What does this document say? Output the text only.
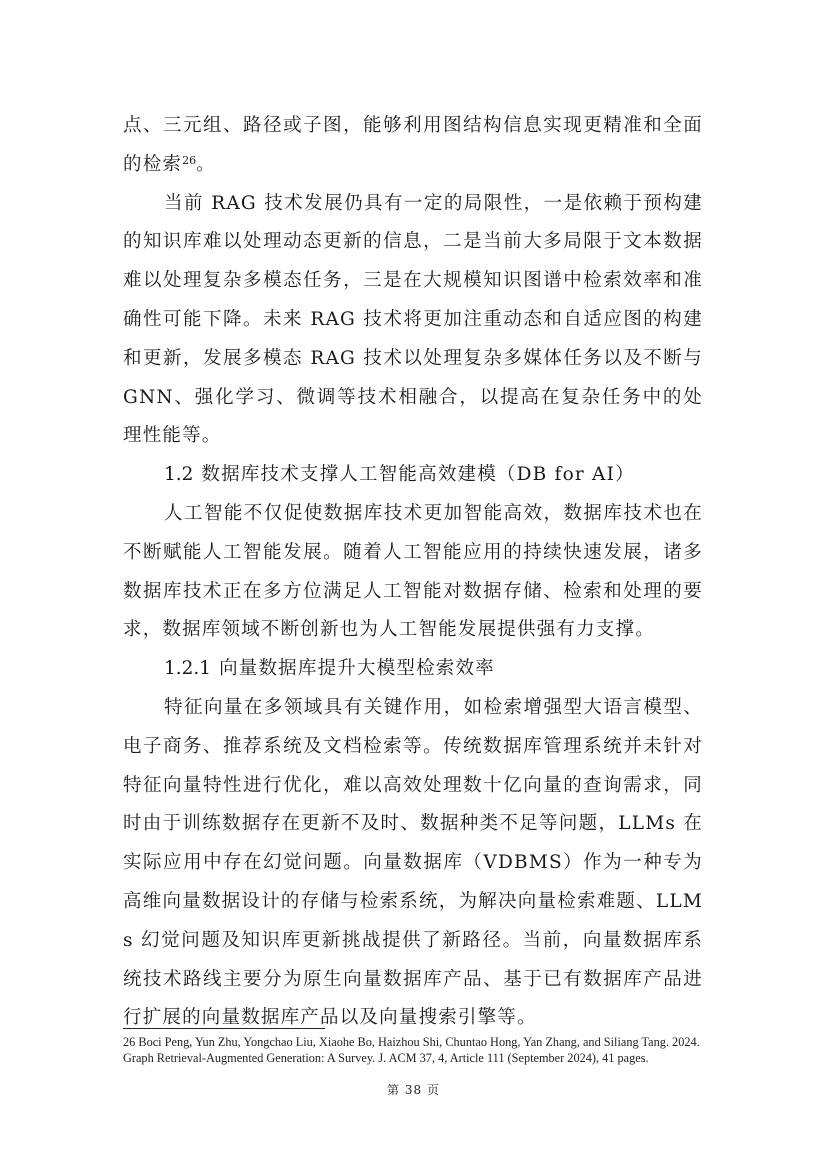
点、三元组、路径或子图，能够利用图结构信息实现更精准和全面的检索$^{26}$。

当前 RAG 技术发展仍具有一定的局限性，一是依赖于预构建的知识库难以处理动态更新的信息，二是当前大多局限于文本数据难以处理复杂多模态任务，三是在大规模知识图谱中检索效率和准确性可能下降。未来 RAG 技术将更加注重动态和自适应图的构建和更新，发展多模态 RAG 技术以处理复杂多媒体任务以及不断与 GNN、强化学习、微调等技术相融合，以提高在复杂任务中的处理性能等。

1.2 数据库技术支撑人工智能高效建模（DB for AI）

人工智能不仅促使数据库技术更加智能高效，数据库技术也在不断赋能人工智能发展。随着人工智能应用的持续快速发展，诸多数据库技术正在多方位满足人工智能对数据存储、检索和处理的要求，数据库领域不断创新也为人工智能发展提供强有力支撑。

1.2.1 向量数据库提升大模型检索效率

特征向量在多领域具有关键作用，如检索增强型大语言模型、电子商务、推荐系统及文档检索等。传统数据库管理系统并未针对特征向量特性进行优化，难以高效处理数十亿向量的查询需求，同时由于训练数据存在更新不及时、数据种类不足等问题，LLMs 在实际应用中存在幻觉问题。向量数据库（VDBMS）作为一种专为高维向量数据设计的存储与检索系统，为解决向量检索难题、LLMs 幻觉问题及知识库更新挑战提供了新路径。当前，向量数据库系统技术路线主要分为原生向量数据库产品、基于已有数据库产品进行扩展的向量数据库产品以及向量搜索引擎等。

26 Boci Peng, Yun Zhu, Yongchao Liu, Xiaohe Bo, Haizhou Shi, Chuntao Hong, Yan Zhang, and Siliang Tang. 2024. Graph Retrieval-Augmented Generation: A Survey. J. ACM 37, 4, Article 111 (September 2024), 41 pages.
第 38 页
